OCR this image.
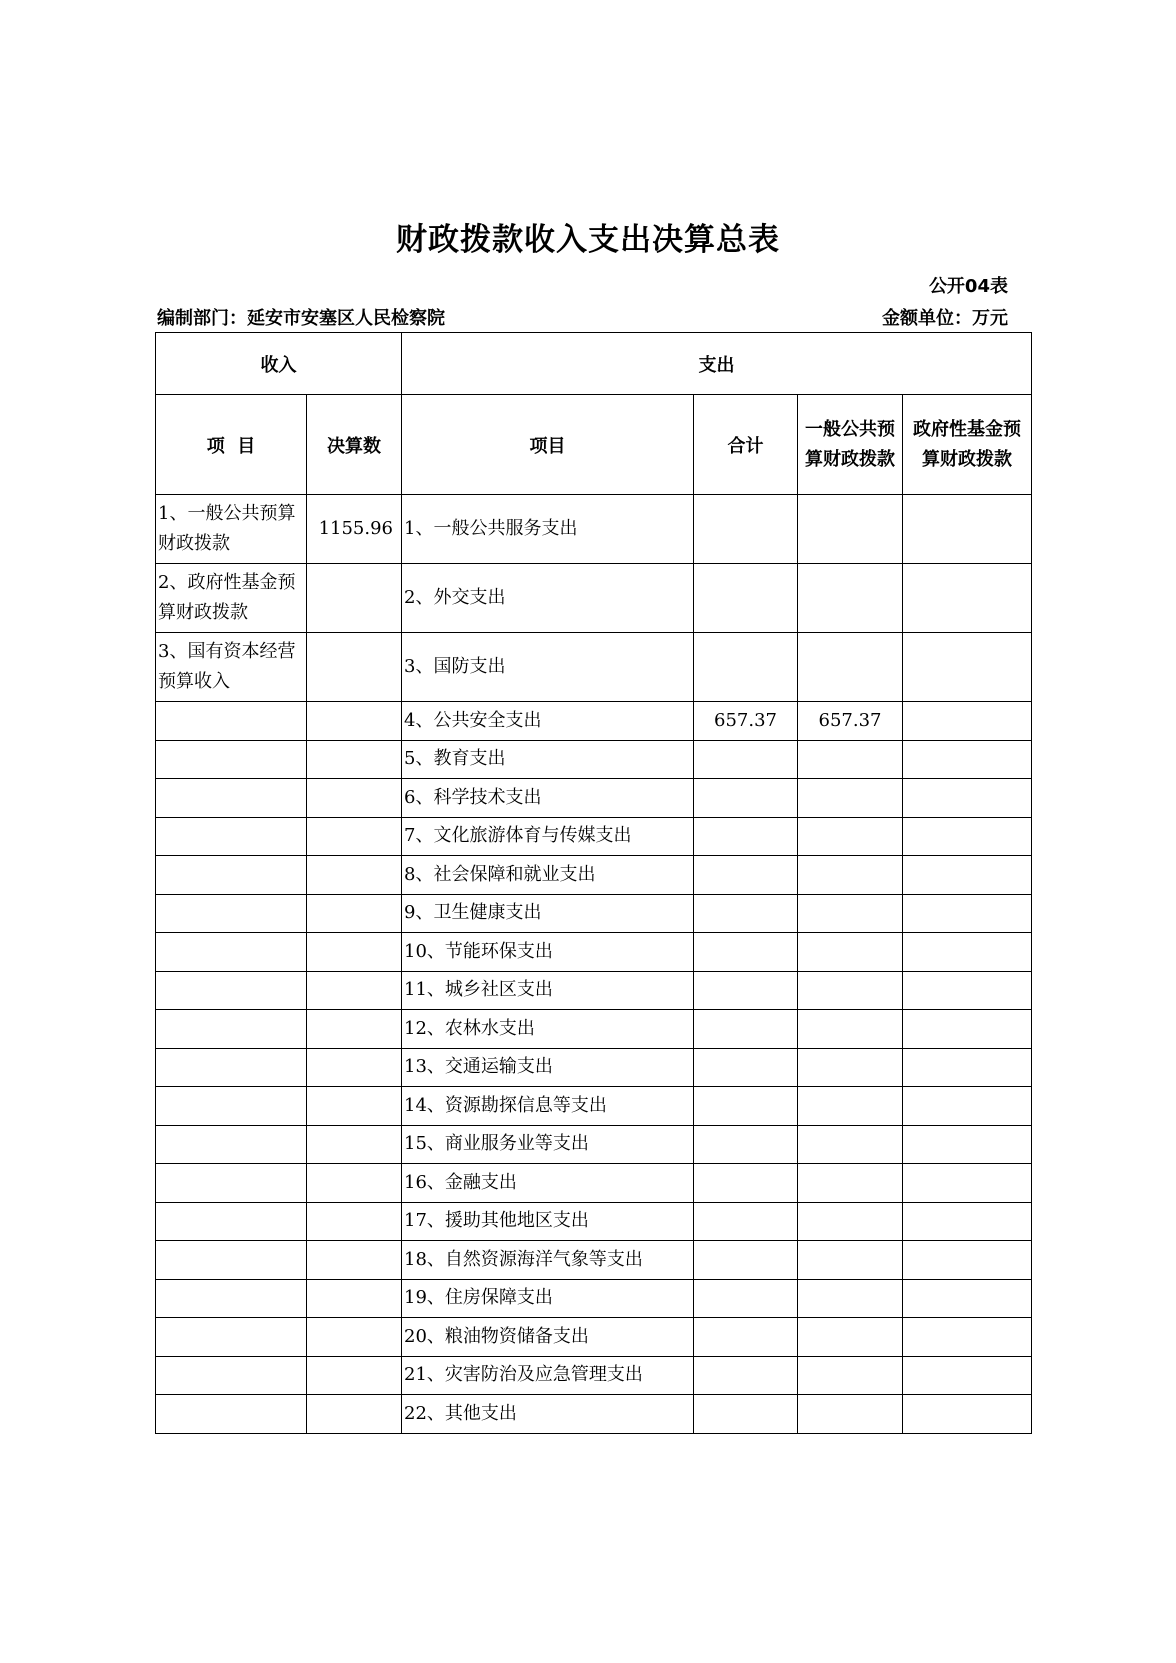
财政拨款收入支出决算总表
公开04表
编制部门：延安市安塞区人民检察院	金额单位：万元
收入		支出			
项  目	决算数	项目	合计	一般公共预算财政拨款	政府性基金预算财政拨款
1、一般公共预算财政拨款	1155.96	1、一般公共服务支出			
2、政府性基金预算财政拨款		2、外交支出			
3、国有资本经营预算收入		3、国防支出			
		4、公共安全支出	657.37	657.37	
		5、教育支出			
		6、科学技术支出			
		7、文化旅游体育与传媒支出			
		8、社会保障和就业支出			
		9、卫生健康支出			
		10、节能环保支出			
		11、城乡社区支出			
		12、农林水支出			
		13、交通运输支出			
		14、资源勘探信息等支出			
		15、商业服务业等支出			
		16、金融支出			
		17、援助其他地区支出			
		18、自然资源海洋气象等支出			
		19、住房保障支出			
		20、粮油物资储备支出			
		21、灾害防治及应急管理支出			
		22、其他支出			
